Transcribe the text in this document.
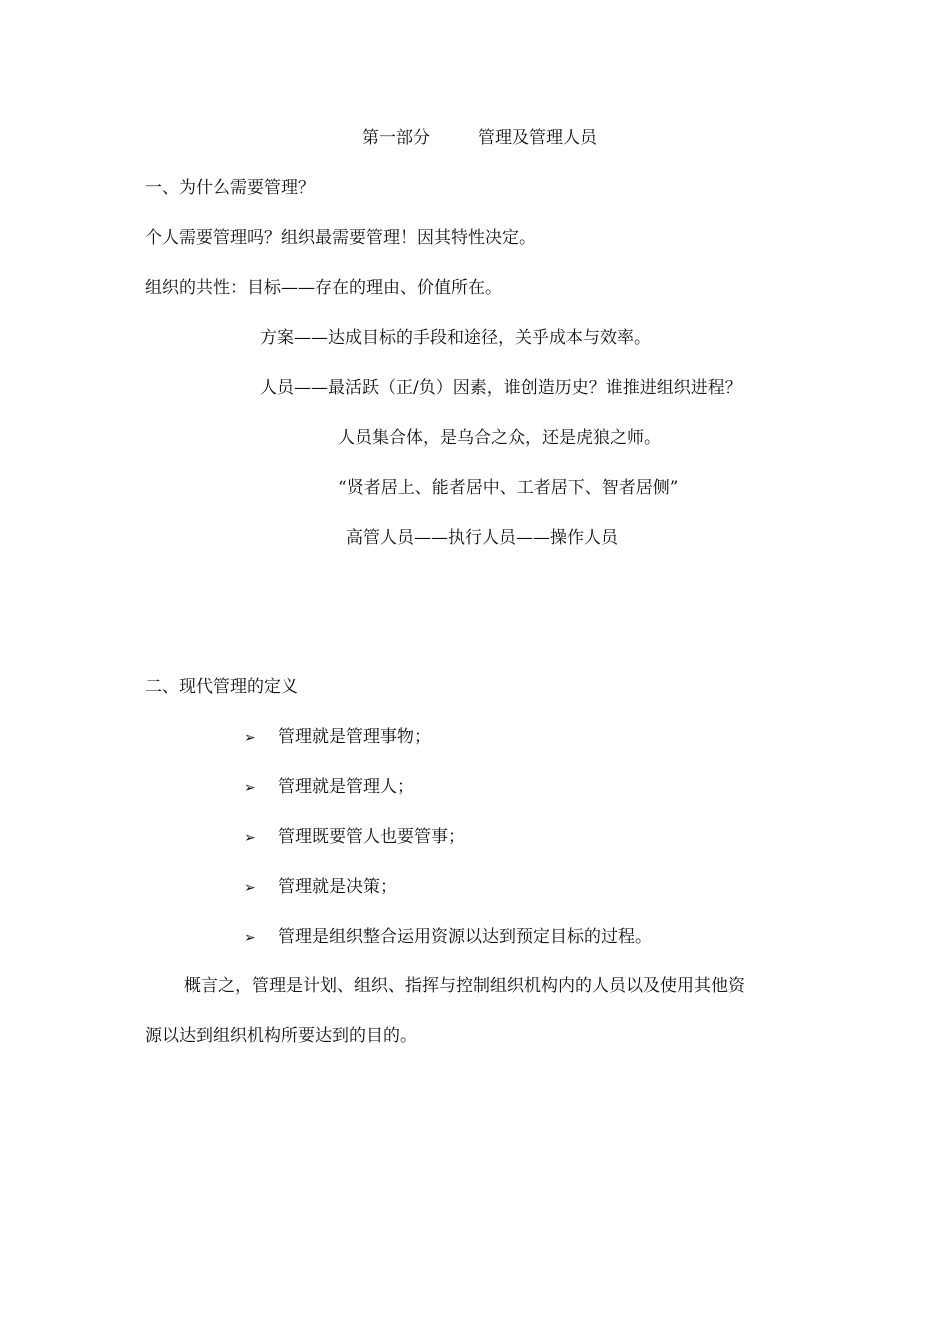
第一部分	管理及管理人员
一、为什么需要管理？
个人需要管理吗？组织最需要管理！因其特性决定。
组织的共性：目标——存在的理由、价值所在。
方案——达成目标的手段和途径，关乎成本与效率。
人员——最活跃（正/负）因素，谁创造历史？谁推进组织进程？
人员集合体，是乌合之众，还是虎狼之师。
“贤者居上、能者居中、工者居下、智者居侧”
高管人员——执行人员——操作人员
二、现代管理的定义
➢ 管理就是管理事物；
➢ 管理就是管理人；
➢ 管理既要管人也要管事；
➢ 管理就是决策；
➢ 管理是组织整合运用资源以达到预定目标的过程。
概言之，管理是计划、组织、指挥与控制组织机构内的人员以及使用其他资
源以达到组织机构所要达到的目的。
